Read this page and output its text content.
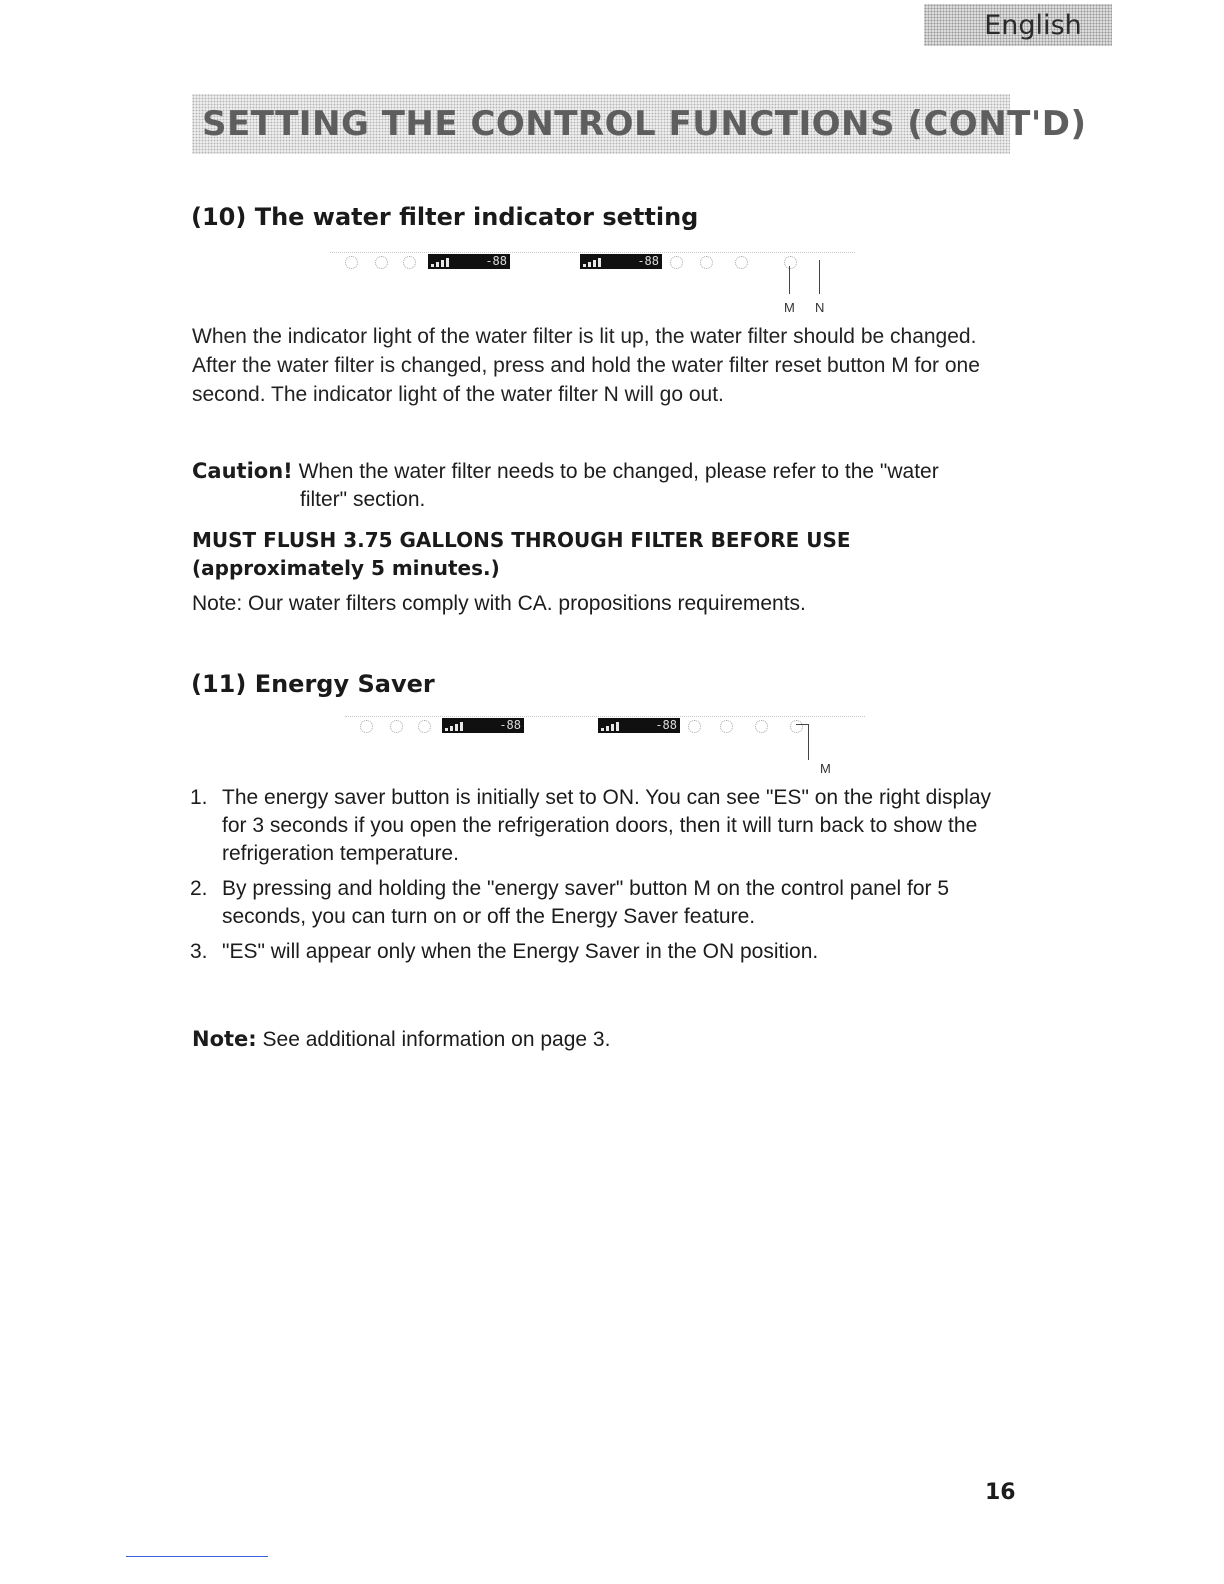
English
SETTING THE CONTROL FUNCTIONS (CONT'D)
(10) The water filter indicator setting
-88	-88
M N

When the indicator light of the water filter is lit up, the water filter should be changed. After the water filter is changed, press and hold the water filter reset button M for one second. The indicator light of the water filter N will go out.

Caution! When the water filter needs to be changed, please refer to the "water
filter" section.

MUST FLUSH 3.75 GALLONS THROUGH FILTER BEFORE USE (approximately 5 minutes.)

Note: Our water filters comply with CA. propositions requirements.
(11) Energy Saver
-88	-88
M
1. The energy saver button is initially set to ON. You can see "ES" on the right display for 3 seconds if you open the refrigeration doors, then it will turn back to show the refrigeration temperature.
2. By pressing and holding the "energy saver" button M on the control panel for 5 seconds, you can turn on or off the Energy Saver feature.
3. "ES" will appear only when the Energy Saver in the ON position.
Note: See additional information on page 3.
16
